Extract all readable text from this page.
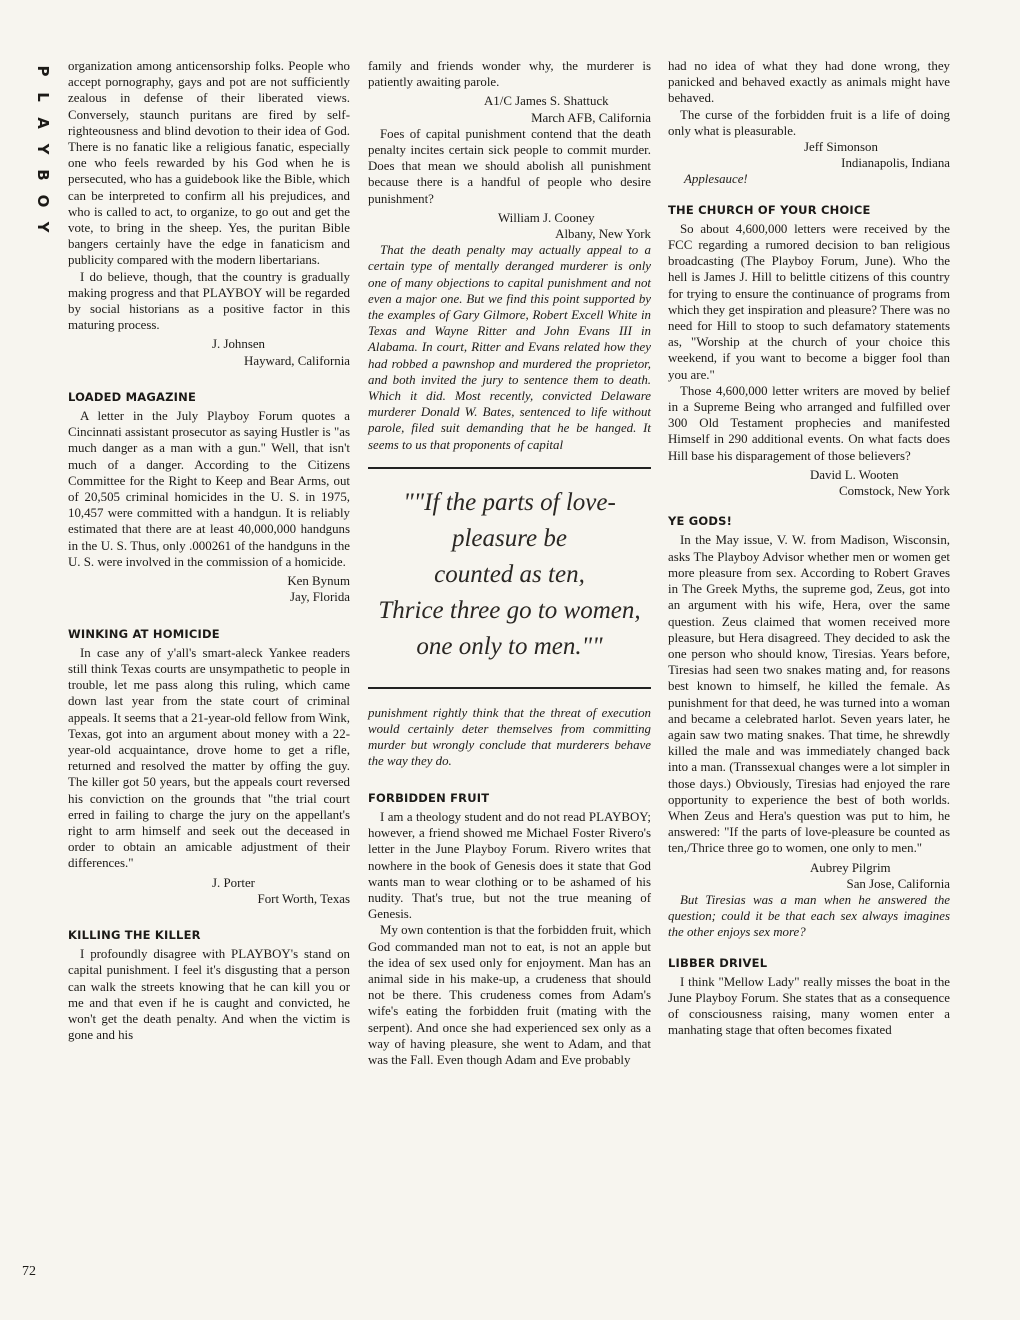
P
L
A
Y
B
O
Y
72

organization among anticensorship folks. People who accept pornography, gays and pot are not sufficiently zealous in defense of their liberated views. Conversely, staunch puritans are fired by self-righteousness and blind devotion to their idea of God. There is no fanatic like a religious fanatic, especially one who feels rewarded by his God when he is persecuted, who has a guidebook like the Bible, which can be interpreted to confirm all his prejudices, and who is called to act, to organize, to go out and get the vote, to bring in the sheep. Yes, the puritan Bible bangers certainly have the edge in fanaticism and publicity compared with the modern libertarians.

I do believe, though, that the country is gradually making progress and that PLAYBOY will be regarded by social historians as a positive factor in this maturing process.

J. Johnsen
Hayward, California
LOADED MAGAZINE

A letter in the July Playboy Forum quotes a Cincinnati assistant prosecutor as saying Hustler is "as much danger as a man with a gun." Well, that isn't much of a danger. According to the Citizens Committee for the Right to Keep and Bear Arms, out of 20,505 criminal homicides in the U. S. in 1975, 10,457 were committed with a handgun. It is reliably estimated that there are at least 40,000,000 handguns in the U. S. Thus, only .000261 of the handguns in the U. S. were involved in the commission of a homicide.

Ken Bynum
Jay, Florida
WINKING AT HOMICIDE

In case any of y'all's smart-aleck Yankee readers still think Texas courts are unsympathetic to people in trouble, let me pass along this ruling, which came down last year from the state court of criminal appeals. It seems that a 21-year-old fellow from Wink, Texas, got into an argument about money with a 22-year-old acquaintance, drove home to get a rifle, returned and resolved the matter by offing the guy. The killer got 50 years, but the appeals court reversed his conviction on the grounds that "the trial court erred in failing to charge the jury on the appellant's right to arm himself and seek out the deceased in order to obtain an amicable adjustment of their differences."

J. Porter
Fort Worth, Texas
KILLING THE KILLER

I profoundly disagree with PLAYBOY's stand on capital punishment. I feel it's disgusting that a person can walk the streets knowing that he can kill you or me and that even if he is caught and convicted, he won't get the death penalty. And when the victim is gone and his

family and friends wonder why, the murderer is patiently awaiting parole.

A1/C James S. Shattuck
March AFB, California

Foes of capital punishment contend that the death penalty incites certain sick people to commit murder. Does that mean we should abolish all punishment because there is a handful of people who desire punishment?

William J. Cooney
Albany, New York

That the death penalty may actually appeal to a certain type of mentally deranged murderer is only one of many objections to capital punishment and not even a major one. But we find this point supported by the examples of Gary Gilmore, Robert Excell White in Texas and Wayne Ritter and John Evans III in Alabama. In court, Ritter and Evans related how they had robbed a pawnshop and murdered the proprietor, and both invited the jury to sentence them to death. Which it did. Most recently, convicted Delaware murderer Donald W. Bates, sentenced to life without parole, filed suit demanding that he be hanged. It seems to us that proponents of capital

""If the parts of love-
pleasure be
counted as ten,
Thrice three go to women,
one only to men.""

punishment rightly think that the threat of execution would certainly deter themselves from committing murder but wrongly conclude that murderers behave the way they do.

FORBIDDEN FRUIT

I am a theology student and do not read PLAYBOY; however, a friend showed me Michael Foster Rivero's letter in the June Playboy Forum. Rivero writes that nowhere in the book of Genesis does it state that God wants man to wear clothing or to be ashamed of his nudity. That's true, but not the true meaning of Genesis.

My own contention is that the forbidden fruit, which God commanded man not to eat, is not an apple but the idea of sex used only for enjoyment. Man has an animal side in his make-up, a crudeness that should not be there. This crudeness comes from Adam's wife's eating the forbidden fruit (mating with the serpent). And once she had experienced sex only as a way of having pleasure, she went to Adam, and that was the Fall. Even though Adam and Eve probably

had no idea of what they had done wrong, they panicked and behaved exactly as animals might have behaved.

The curse of the forbidden fruit is a life of doing only what is pleasurable.

Jeff Simonson
Indianapolis, Indiana

Applesauce!

THE CHURCH OF YOUR CHOICE

So about 4,600,000 letters were received by the FCC regarding a rumored decision to ban religious broadcasting (The Playboy Forum, June). Who the hell is James J. Hill to belittle citizens of this country for trying to ensure the continuance of programs from which they get inspiration and pleasure? There was no need for Hill to stoop to such defamatory statements as, "Worship at the church of your choice this weekend, if you want to become a bigger fool than you are."

Those 4,600,000 letter writers are moved by belief in a Supreme Being who arranged and fulfilled over 300 Old Testament prophecies and manifested Himself in 290 additional events. On what facts does Hill base his disparagement of those believers?

David L. Wooten
Comstock, New York
YE GODS!

In the May issue, V. W. from Madison, Wisconsin, asks The Playboy Advisor whether men or women get more pleasure from sex. According to Robert Graves in The Greek Myths, the supreme god, Zeus, got into an argument with his wife, Hera, over the same question. Zeus claimed that women received more pleasure, but Hera disagreed. They decided to ask the one person who should know, Tiresias. Years before, Tiresias had seen two snakes mating and, for reasons best known to himself, he killed the female. As punishment for that deed, he was turned into a woman and became a celebrated harlot. Seven years later, he again saw two mating snakes. That time, he shrewdly killed the male and was immediately changed back into a man. (Transsexual changes were a lot simpler in those days.) Obviously, Tiresias had enjoyed the rare opportunity to experience the best of both worlds. When Zeus and Hera's question was put to him, he answered: "If the parts of love-pleasure be counted as ten,/Thrice three go to women, one only to men."

Aubrey Pilgrim
San Jose, California

But Tiresias was a man when he answered the question; could it be that each sex always imagines the other enjoys sex more?

LIBBER DRIVEL

I think "Mellow Lady" really misses the boat in the June Playboy Forum. She states that as a consequence of consciousness raising, many women enter a manhating stage that often becomes fixated
